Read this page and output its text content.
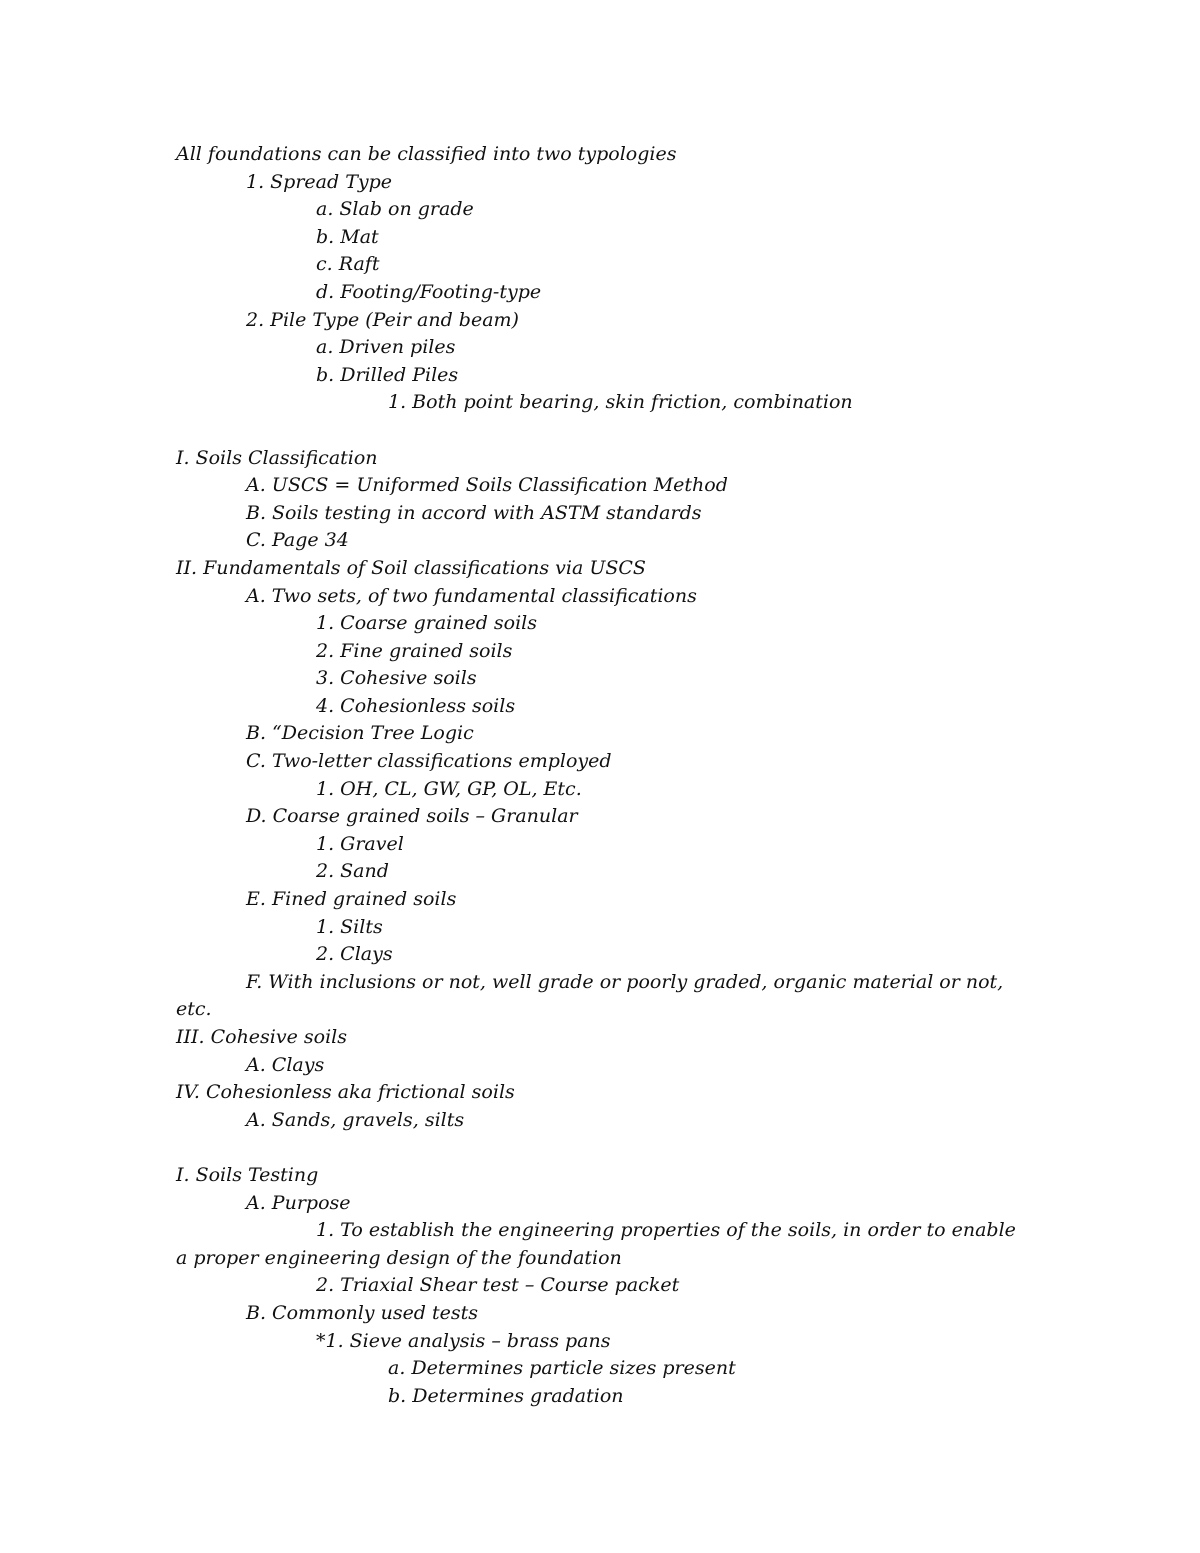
All foundations can be classified into two typologies
1. Spread Type
a. Slab on grade
b. Mat
c. Raft
d. Footing/Footing-type
2. Pile Type (Peir and beam)
a. Driven piles
b. Drilled Piles
1. Both point bearing, skin friction, combination
I. Soils Classification
A. USCS = Uniformed Soils Classification Method
B. Soils testing in accord with ASTM standards
C. Page 34
II. Fundamentals of Soil classifications via USCS
A. Two sets, of two fundamental classifications
1. Coarse grained soils
2. Fine grained soils
3. Cohesive soils
4. Cohesionless soils
B. “Decision Tree Logic
C. Two-letter classifications employed
1. OH, CL, GW, GP, OL, Etc.
D. Coarse grained soils – Granular
1. Gravel
2. Sand
E. Fined grained soils
1. Silts
2. Clays
F. With inclusions or not, well grade or poorly graded, organic material or not,
etc.
III. Cohesive soils
A. Clays
IV. Cohesionless aka frictional soils
A. Sands, gravels, silts
I. Soils Testing
A. Purpose
1. To establish the engineering properties of the soils, in order to enable
a proper engineering design of the foundation
2. Triaxial Shear test – Course packet
B. Commonly used tests
*1. Sieve analysis – brass pans
a. Determines particle sizes present
b. Determines gradation
